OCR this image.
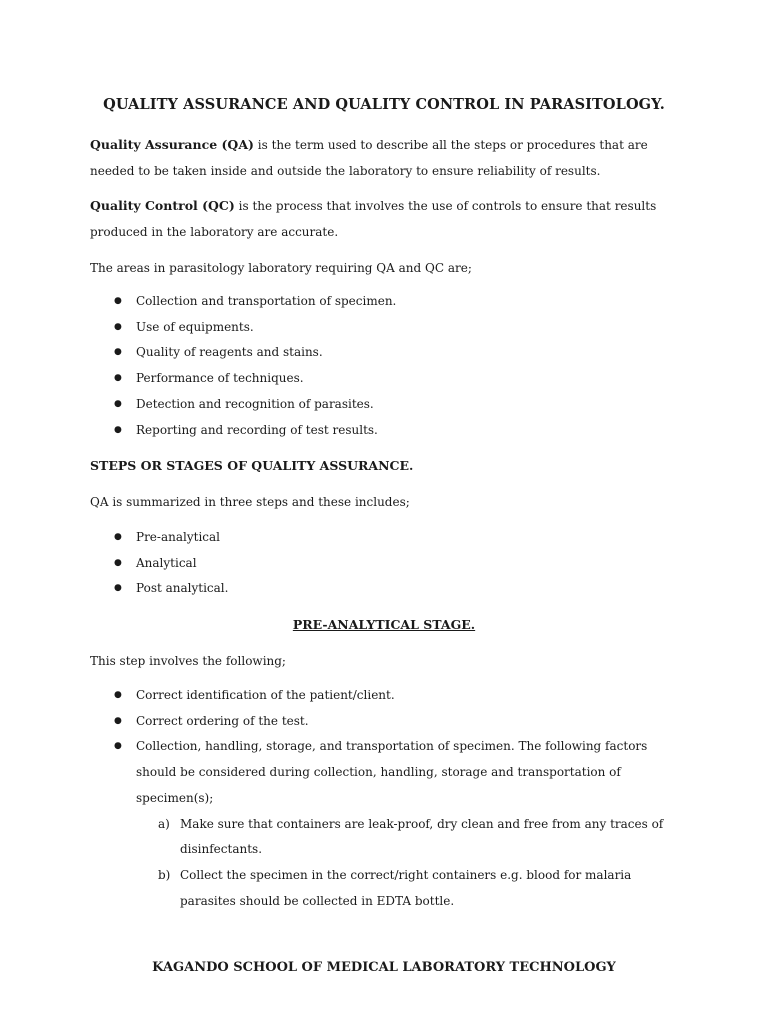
QUALITY ASSURANCE AND QUALITY CONTROL IN PARASITOLOGY.
Quality Assurance (QA) is the term used to describe all the steps or procedures that are needed to be taken inside and outside the laboratory to ensure reliability of results.
Quality Control (QC) is the process that involves the use of controls to ensure that results produced in the laboratory are accurate.
The areas in parasitology laboratory requiring QA and QC are;
● Collection and transportation of specimen.
● Use of equipments.
● Quality of reagents and stains.
● Performance of techniques.
● Detection and recognition of parasites.
● Reporting and recording of test results.
STEPS OR STAGES OF QUALITY ASSURANCE.
QA is summarized in three steps and these includes;
● Pre-analytical
● Analytical
● Post analytical.
PRE-ANALYTICAL STAGE.
This step involves the following;
● Correct identification of the patient/client.
● Correct ordering of the test.
● Collection, handling, storage, and transportation of specimen. The following factors should be considered during collection, handling, storage and transportation of specimen(s);
a) Make sure that containers are leak-proof, dry clean and free from any traces of disinfectants.
b) Collect the specimen in the correct/right containers e.g. blood for malaria parasites should be collected in EDTA bottle.
KAGANDO SCHOOL OF MEDICAL LABORATORY TECHNOLOGY
